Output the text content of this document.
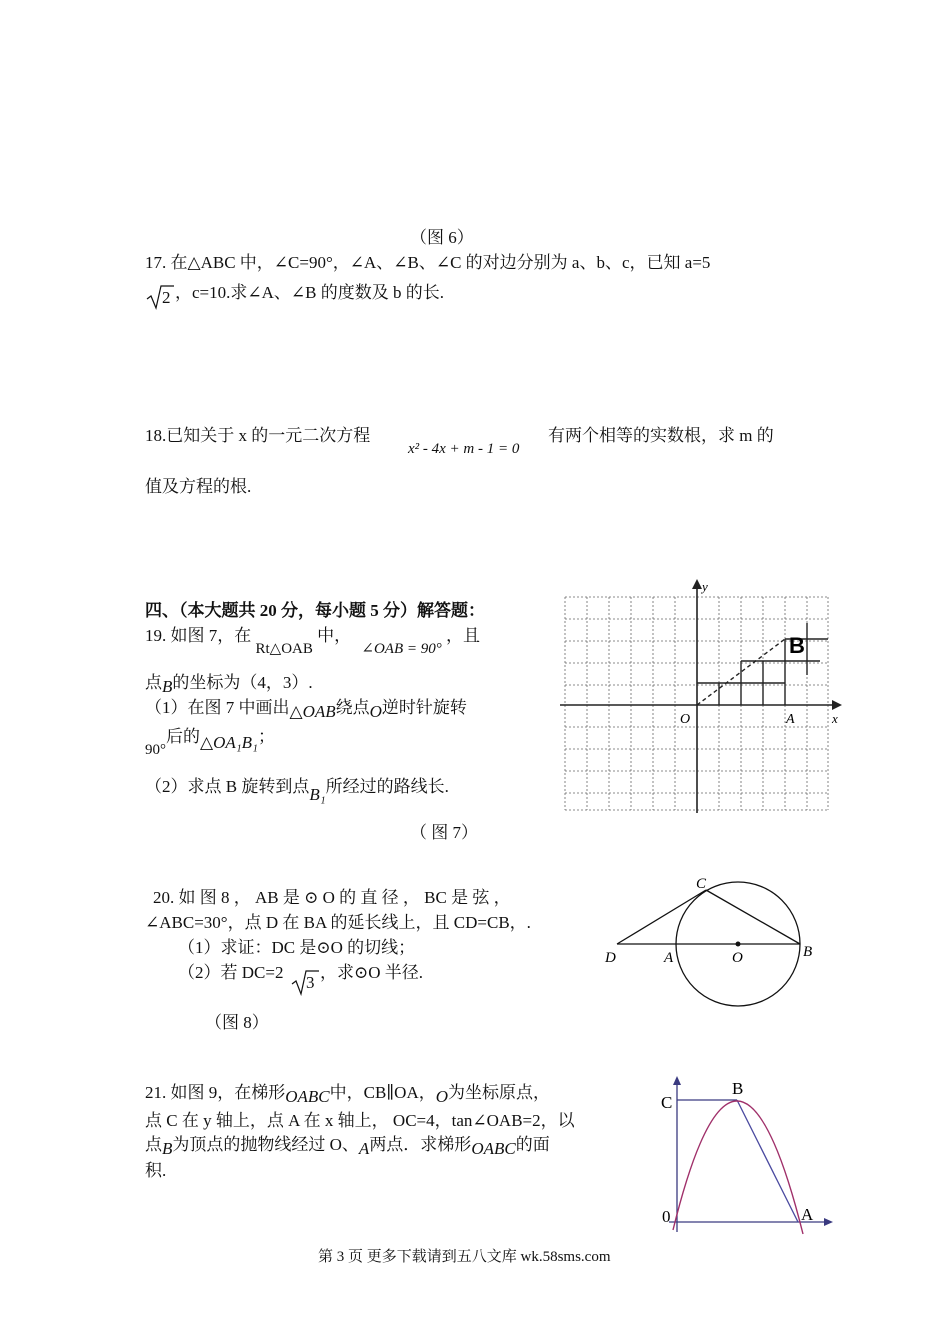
（图 6）
17. 在△ABC 中，∠C=90°，∠A、∠B、∠C 的对边分别为 a、b、c，已知 a=5
2 ，c=10.求∠A、∠B 的度数及 b 的长.
18.已知关于 x 的一元二次方程
x² - 4x + m - 1 = 0
有两个相等的实数根，求 m 的
值及方程的根.
四、（本大题共 20 分，每小题 5 分）解答题：
19. 如图 7，在 Rt△OAB 中， ∠OAB = 90° ，且
点B的坐标为（4，3）.
（1）在图 7 中画出△OAB绕点O逆时针旋转
90°后的△OA₁B₁；
（2）求点 B 旋转到点B₁所经过的路线长.
y
x
O	A
B
（ 图 7）
20. 如 图 8 ， AB 是 ⊙ O 的 直 径 ， BC 是 弦 ，
∠ABC=30°，点 D 在 BA 的延长线上，且 CD=CB，.
（1）求证：DC 是⊙O 的切线；
（2）若 DC=2
3
，求⊙O 半径.
（图 8）
C
D	A	O	B
21. 如图 9，在梯形OABC中，CB∥OA，O为坐标原点，
点 C 在 y 轴上，点 A 在 x 轴上， OC=4，tan∠OAB=2，以
点B为顶点的抛物线经过 O、A两点．求梯形OABC的面
积.
C
B
0	A
第 3 页 更多下载请到五八文库 wk.58sms.com
